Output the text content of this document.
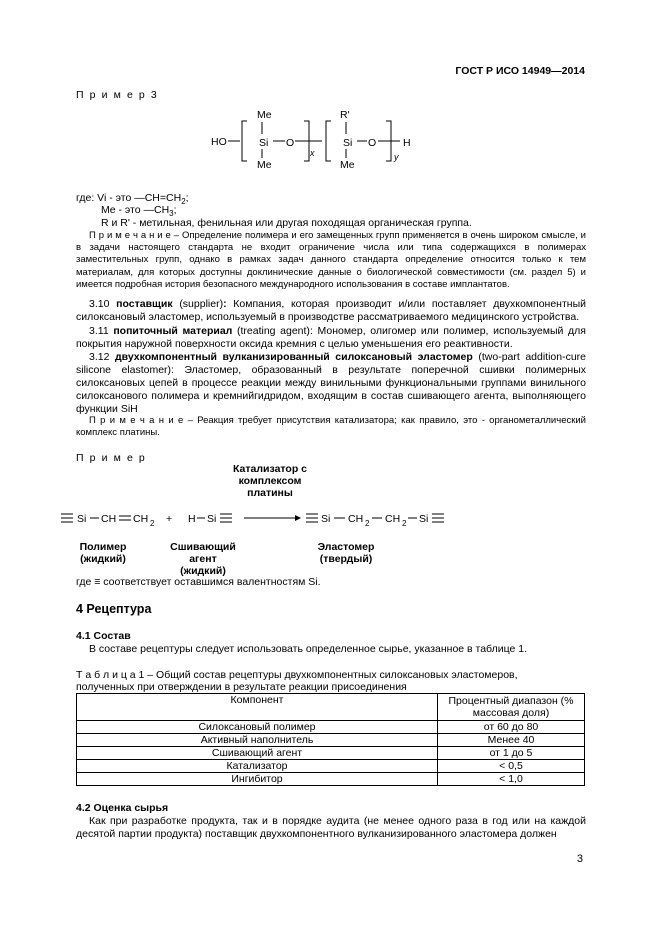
ГОСТ Р ИСО 14949—2014
П р и м е р 3
HO
Me
Si
Me
O
x
R'
Si
Me
O	H
y
где: Vi - это $—CH=CH_2$;
Me - это $—CH_3$;
R и R' - метильная, фенильная или другая походящая органическая группа.
П р и м е ч а н и е – Определение полимера и его замещенных групп применяется в очень широком смысле, и в задачи настоящего стандарта не входит ограничение числа или типа содержащихся в полимерах заместительных групп, однако в рамках задач данного стандарта определение относится только к тем материалам, для которых доступны доклинические данные о биологической совместимости (см. раздел 5) и имеется подробная история безопасного международного использования в составе имплантатов.
3.10 поставщик (supplier): Компания, которая производит и/или поставляет двухкомпонентный силоксановый эластомер, используемый в производстве рассматриваемого медицинского устройства.
3.11 попиточный материал (treating agent): Мономер, олигомер или полимер, используемый для покрытия наружной поверхности оксида кремния с целью уменьшения его реактивности.
3.12 двухкомпонентный вулканизированный силоксановый эластомер (two-part addition-cure silicone elastomer): Эластомер, образованный в результате поперечной сшивки полимерных силоксановых цепей в процессе реакции между винильными функциональными группами винильного силоксанового полимера и кремнийгидридом, входящим в состав сшивающего агента, выполняющего функции SiH
П р и м е ч а н и е – Реакция требует присутствия катализатора; как правило, это - органометаллический комплекс платины.
П р и м е р
Катализатор с
комплексом
платины
Si CH CH 2 + H Si	Si CH 2 CH 2 Si
Полимер
(жидкий)
Сшивающий
агент
(жидкий)
Эластомер
(твердый)
где ≡ соответствует оставшимся валентностям Si.
4 Рецептура
4.1 Состав
В составе рецептуры следует использовать определенное сырье, указанное в таблице 1.
Т а б л и ц а 1 – Общий состав рецептуры двухкомпонентных силоксановых эластомеров,
полученных при отверждении в результате реакции присоединения
Компонент	Процентный диапазон (% массовая доля)
Силоксановый полимер	от 60 до 80
Активный наполнитель	Менее 40
Сшивающий агент	от 1 до 5
Катализатор	< 0,5
Ингибитор	< 1,0
4.2 Оценка сырья
Как при разработке продукта, так и в порядке аудита (не менее одного раза в год или на каждой десятой партии продукта) поставщик двухкомпонентного вулканизированного эластомера должен
3
